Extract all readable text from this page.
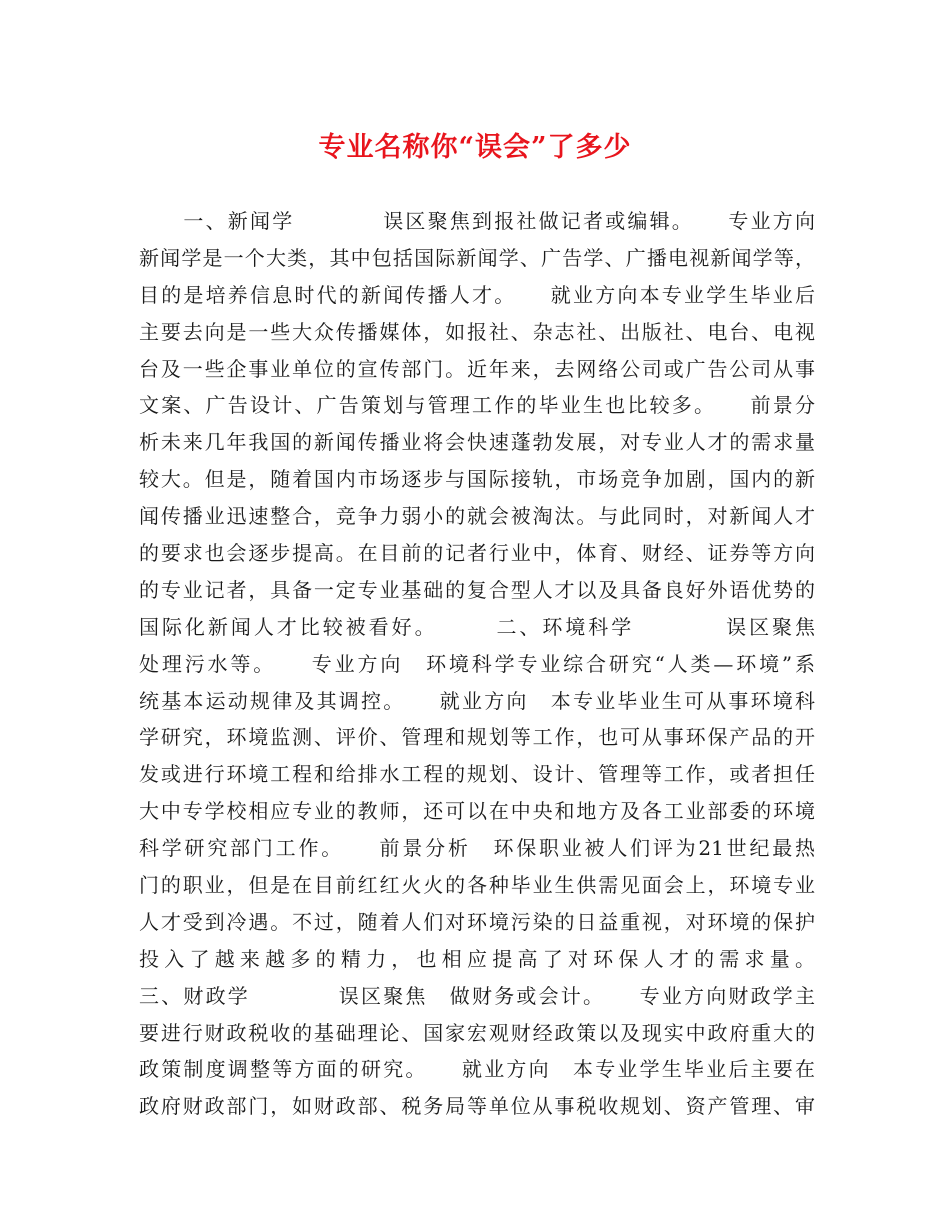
专业名称你“误会”了多少
　　一、新闻学　　　　误区聚焦到报社做记者或编辑。　　专业方向
新闻学是一个大类，其中包括国际新闻学、广告学、广播电视新闻学等，
目的是培养信息时代的新闻传播人才。　　就业方向本专业学生毕业后
主要去向是一些大众传播媒体，如报社、杂志社、出版社、电台、电视
台及一些企事业单位的宣传部门。近年来，去网络公司或广告公司从事
文案、广告设计、广告策划与管理工作的毕业生也比较多。　　前景分
析未来几年我国的新闻传播业将会快速蓬勃发展，对专业人才的需求量
较大。但是，随着国内市场逐步与国际接轨，市场竞争加剧，国内的新
闻传播业迅速整合，竞争力弱小的就会被淘汰。与此同时，对新闻人才
的要求也会逐步提高。在目前的记者行业中，体育、财经、证券等方向
的专业记者，具备一定专业基础的复合型人才以及具备良好外语优势的
国际化新闻人才比较被看好。　　　二、环境科学　　　　误区聚焦
处理污水等。　　专业方向　环境科学专业综合研究“人类—环境”系
统基本运动规律及其调控。　　就业方向　本专业毕业生可从事环境科
学研究，环境监测、评价、管理和规划等工作，也可从事环保产品的开
发或进行环境工程和给排水工程的规划、设计、管理等工作，或者担任
大中专学校相应专业的教师，还可以在中央和地方及各工业部委的环境
科学研究部门工作。　　前景分析　环保职业被人们评为21世纪最热
门的职业，但是在目前红红火火的各种毕业生供需见面会上，环境专业
人才受到冷遇。不过，随着人们对环境污染的日益重视，对环境的保护
投入了越来越多的精力，也相应提高了对环保人才的需求量。
三、财政学　　　　误区聚焦　做财务或会计。　　专业方向财政学主
要进行财政税收的基础理论、国家宏观财经政策以及现实中政府重大的
政策制度调整等方面的研究。　　就业方向　本专业学生毕业后主要在
政府财政部门，如财政部、税务局等单位从事税收规划、资产管理、审
